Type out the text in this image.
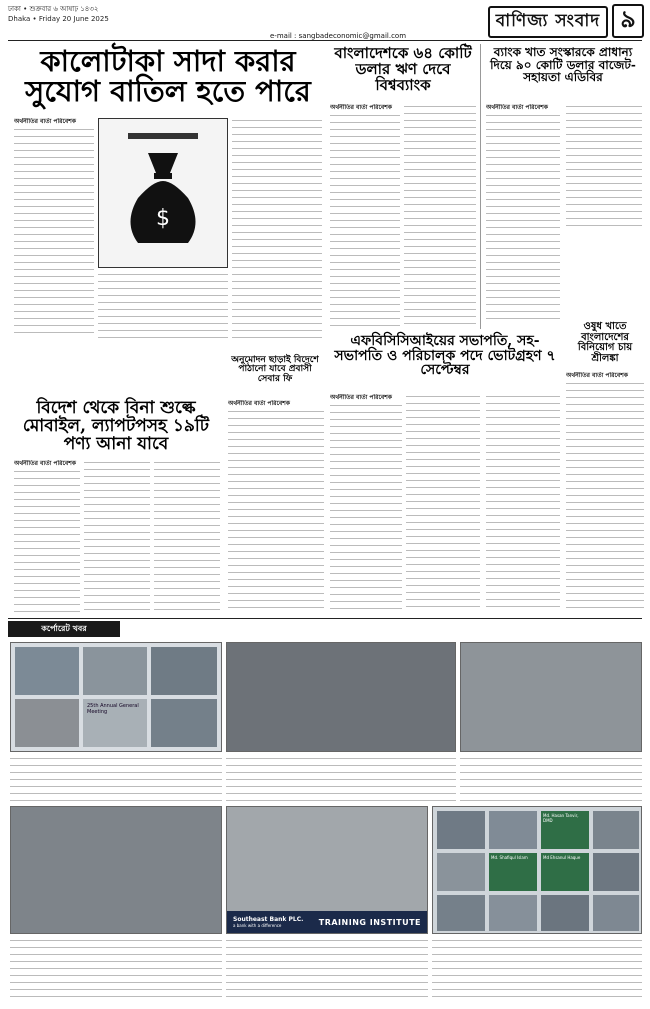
ঢাকা • শুক্রবার ৬ আষাঢ় ১৪৩২
Dhaka • Friday 20 June 2025
e-mail : sangbadeconomic@gmail.com
বাণিজ্য সংবাদ ৯
কালোটাকা সাদা করার সুযোগ বাতিল হতে পারে
অর্থনীতির বার্তা পরিবেশক
$
বাংলাদেশকে ৬৪ কোটি ডলার ঋণ দেবে বিশ্বব্যাংক
অর্থনীতির বার্তা পরিবেশক
ব্যাংক খাত সংস্কারকে প্রাধান্য দিয়ে ৯০ কোটি ডলার বাজেট-সহায়তা এডিবির
অর্থনীতির বার্তা পরিবেশক
ওষুধ খাতে বাংলাদেশের বিনিয়োগ চায় শ্রীলঙ্কা
অর্থনীতির বার্তা পরিবেশক
এফবিসিসিআইয়ের সভাপতি, সহ-সভাপতি ও পরিচালক পদে ভোটগ্রহণ ৭ সেপ্টেম্বর
অর্থনীতির বার্তা পরিবেশক
বিদেশ থেকে বিনা শুল্কে মোবাইল, ল্যাপটপসহ ১৯টি পণ্য আনা যাবে
অর্থনীতির বার্তা পরিবেশক
অনুমোদন ছাড়াই বিদেশে পাঠানো যাবে প্রবাসী সেবার ফি
অর্থনীতির বার্তা পরিবেশক
কর্পোরেট খবর
25th Annual General Meeting
Southeast Bank PLC.
a bank with a difference	TRAINING INSTITUTE
Md. Hasan Tanvir, DMD
Md. Shafiqul Islam	Md Ehsanul Haque
